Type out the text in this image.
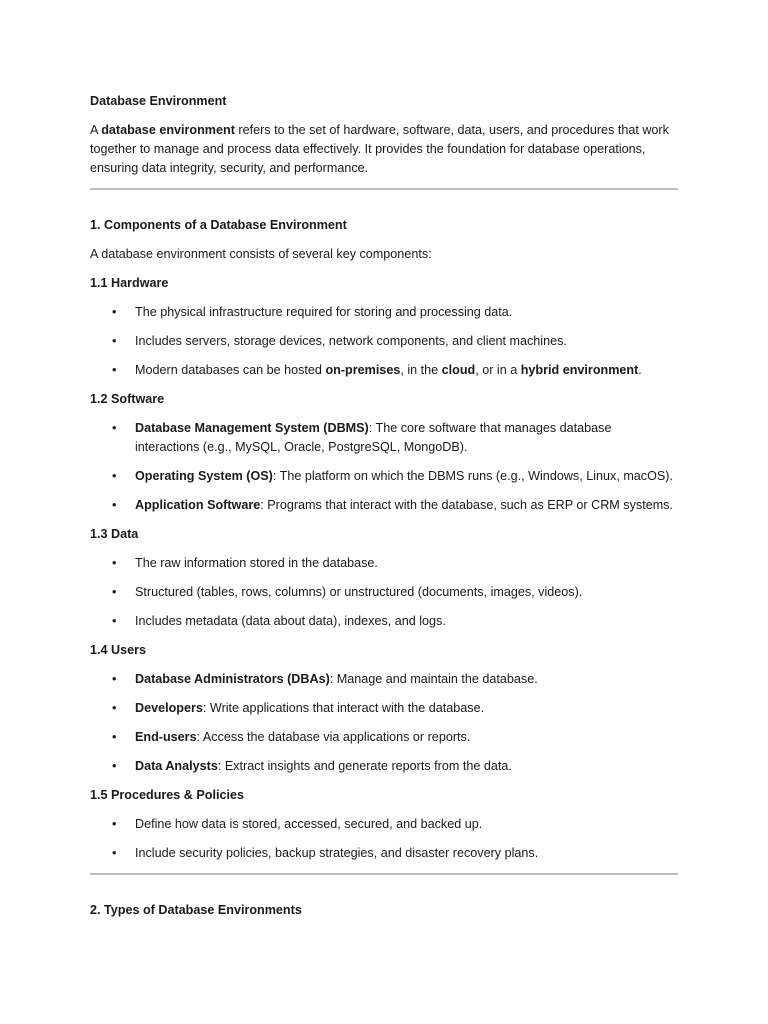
Database Environment

A database environment refers to the set of hardware, software, data, users, and procedures that work together to manage and process data effectively. It provides the foundation for database operations, ensuring data integrity, security, and performance.

1. Components of a Database Environment

A database environment consists of several key components:

1.1 Hardware
• The physical infrastructure required for storing and processing data.
• Includes servers, storage devices, network components, and client machines.
• Modern databases can be hosted on-premises, in the cloud, or in a hybrid environment.
1.2 Software
• Database Management System (DBMS): The core software that manages database interactions (e.g., MySQL, Oracle, PostgreSQL, MongoDB).
• Operating System (OS): The platform on which the DBMS runs (e.g., Windows, Linux, macOS).
• Application Software: Programs that interact with the database, such as ERP or CRM systems.
1.3 Data
• The raw information stored in the database.
• Structured (tables, rows, columns) or unstructured (documents, images, videos).
• Includes metadata (data about data), indexes, and logs.
1.4 Users
• Database Administrators (DBAs): Manage and maintain the database.
• Developers: Write applications that interact with the database.
• End-users: Access the database via applications or reports.
• Data Analysts: Extract insights and generate reports from the data.
1.5 Procedures & Policies
• Define how data is stored, accessed, secured, and backed up.
• Include security policies, backup strategies, and disaster recovery plans.
2. Types of Database Environments
